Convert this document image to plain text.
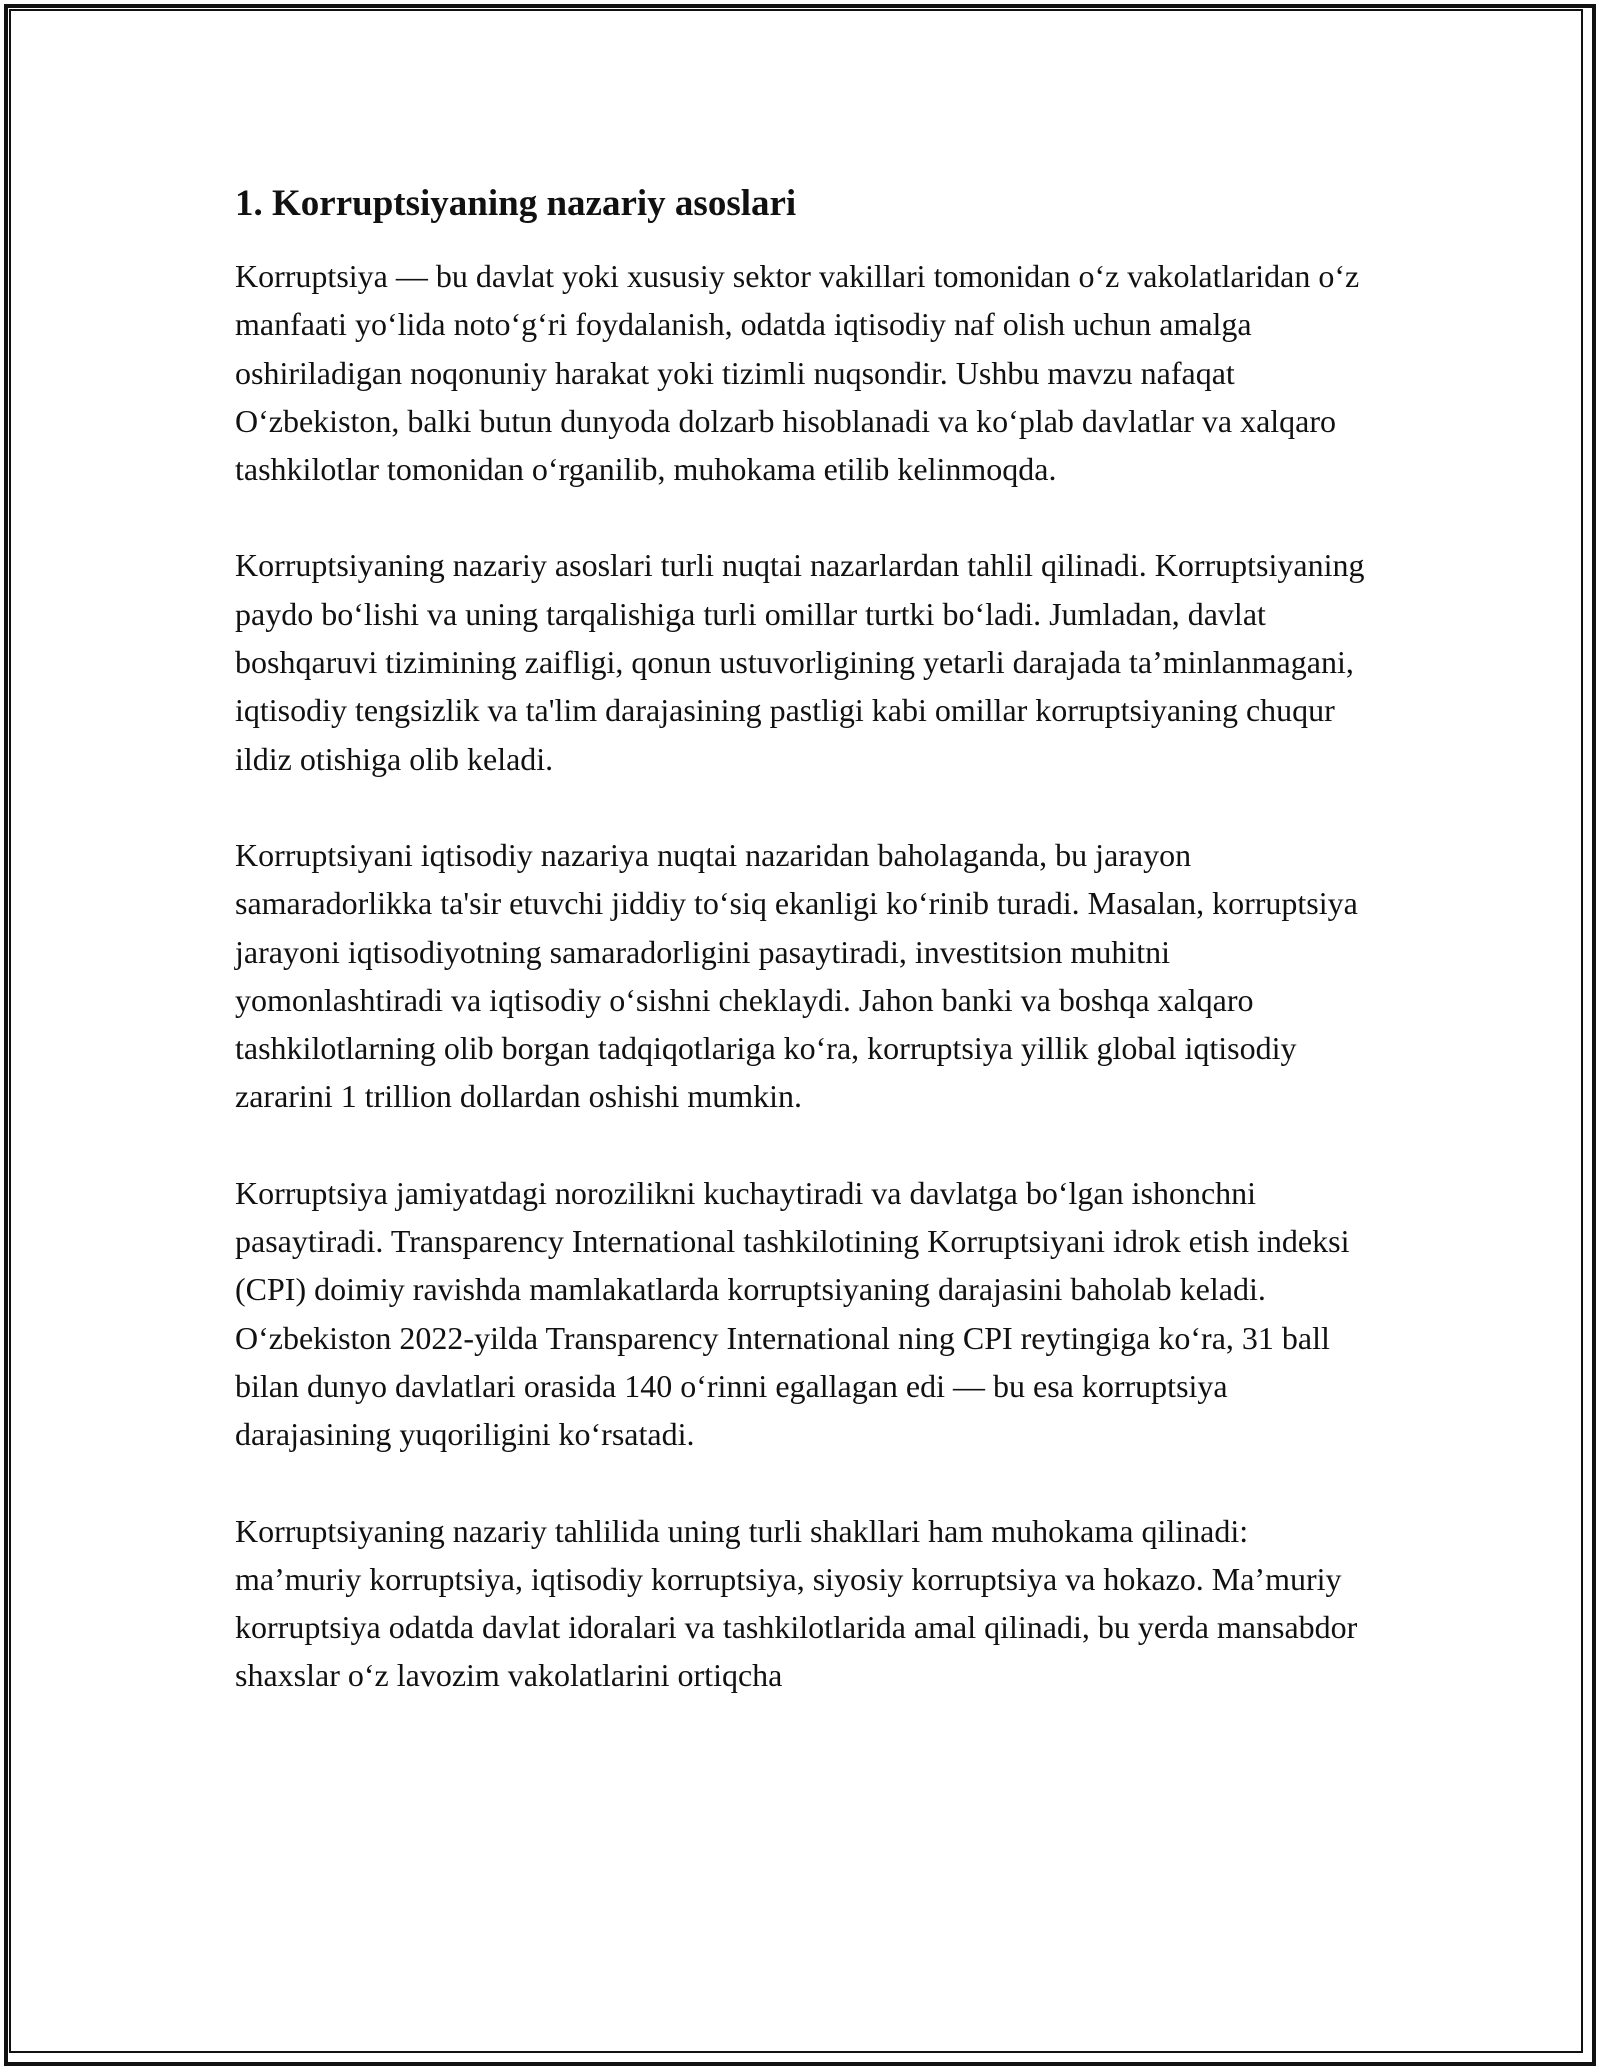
1. Korruptsiyaning nazariy asoslari

Korruptsiya — bu davlat yoki xususiy sektor vakillari tomonidan o‘z vakolatlaridan o‘z manfaati yo‘lida noto‘g‘ri foydalanish, odatda iqtisodiy naf olish uchun amalga oshiriladigan noqonuniy harakat yoki tizimli nuqsondir. Ushbu mavzu nafaqat O‘zbekiston, balki butun dunyoda dolzarb hisoblanadi va ko‘plab davlatlar va xalqaro tashkilotlar tomonidan o‘rganilib, muhokama etilib kelinmoqda.

Korruptsiyaning nazariy asoslari turli nuqtai nazarlardan tahlil qilinadi. Korruptsiyaning paydo bo‘lishi va uning tarqalishiga turli omillar turtki bo‘ladi. Jumladan, davlat boshqaruvi tizimining zaifligi, qonun ustuvorligining yetarli darajada ta’minlanmagani, iqtisodiy tengsizlik va ta'lim darajasining pastligi kabi omillar korruptsiyaning chuqur ildiz otishiga olib keladi.

Korruptsiyani iqtisodiy nazariya nuqtai nazaridan baholaganda, bu jarayon samaradorlikka ta'sir etuvchi jiddiy to‘siq ekanligi ko‘rinib turadi. Masalan, korruptsiya jarayoni iqtisodiyotning samaradorligini pasaytiradi, investitsion muhitni yomonlashtiradi va iqtisodiy o‘sishni cheklaydi. Jahon banki va boshqa xalqaro tashkilotlarning olib borgan tadqiqotlariga ko‘ra, korruptsiya yillik global iqtisodiy zararini 1 trillion dollardan oshishi mumkin.

Korruptsiya jamiyatdagi norozilikni kuchaytiradi va davlatga bo‘lgan ishonchni pasaytiradi. Transparency International tashkilotining Korruptsiyani idrok etish indeksi (CPI) doimiy ravishda mamlakatlarda korruptsiyaning darajasini baholab keladi. O‘zbekiston 2022-yilda Transparency International ning CPI reytingiga ko‘ra, 31 ball bilan dunyo davlatlari orasida 140 o‘rinni egallagan edi — bu esa korruptsiya darajasining yuqoriligini ko‘rsatadi.

Korruptsiyaning nazariy tahlilida uning turli shakllari ham muhokama qilinadi: ma’muriy korruptsiya, iqtisodiy korruptsiya, siyosiy korruptsiya va hokazo. Ma’muriy korruptsiya odatda davlat idoralari va tashkilotlarida amal qilinadi, bu yerda mansabdor shaxslar o‘z lavozim vakolatlarini ortiqcha
